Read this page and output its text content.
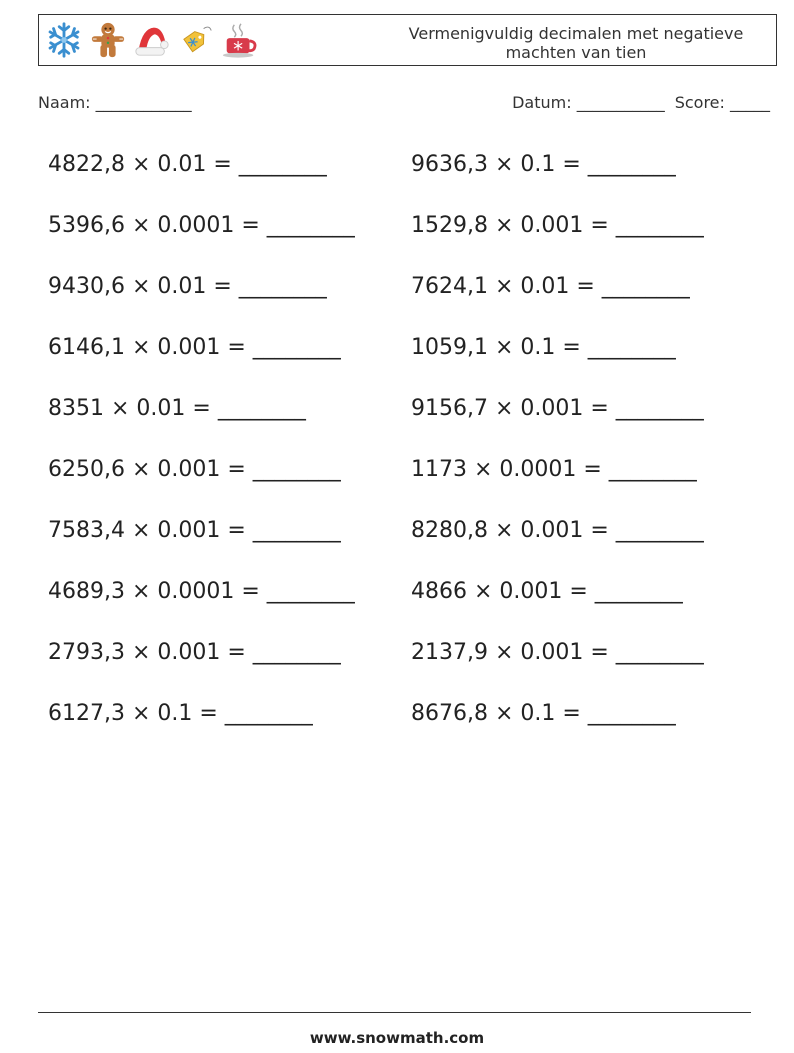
Vermenigvuldig decimalen met negatieve machten van tien
Naam: ____________	Datum: ___________ Score: _____
4822,8 × 0.01 = ________	9636,3 × 0.1 = ________
5396,6 × 0.0001 = ________	1529,8 × 0.001 = ________
9430,6 × 0.01 = ________	7624,1 × 0.01 = ________
6146,1 × 0.001 = ________	1059,1 × 0.1 = ________
8351 × 0.01 = ________	9156,7 × 0.001 = ________
6250,6 × 0.001 = ________	1173 × 0.0001 = ________
7583,4 × 0.001 = ________	8280,8 × 0.001 = ________
4689,3 × 0.0001 = ________	4866 × 0.001 = ________
2793,3 × 0.001 = ________	2137,9 × 0.001 = ________
6127,3 × 0.1 = ________	8676,8 × 0.1 = ________
www.snowmath.com
